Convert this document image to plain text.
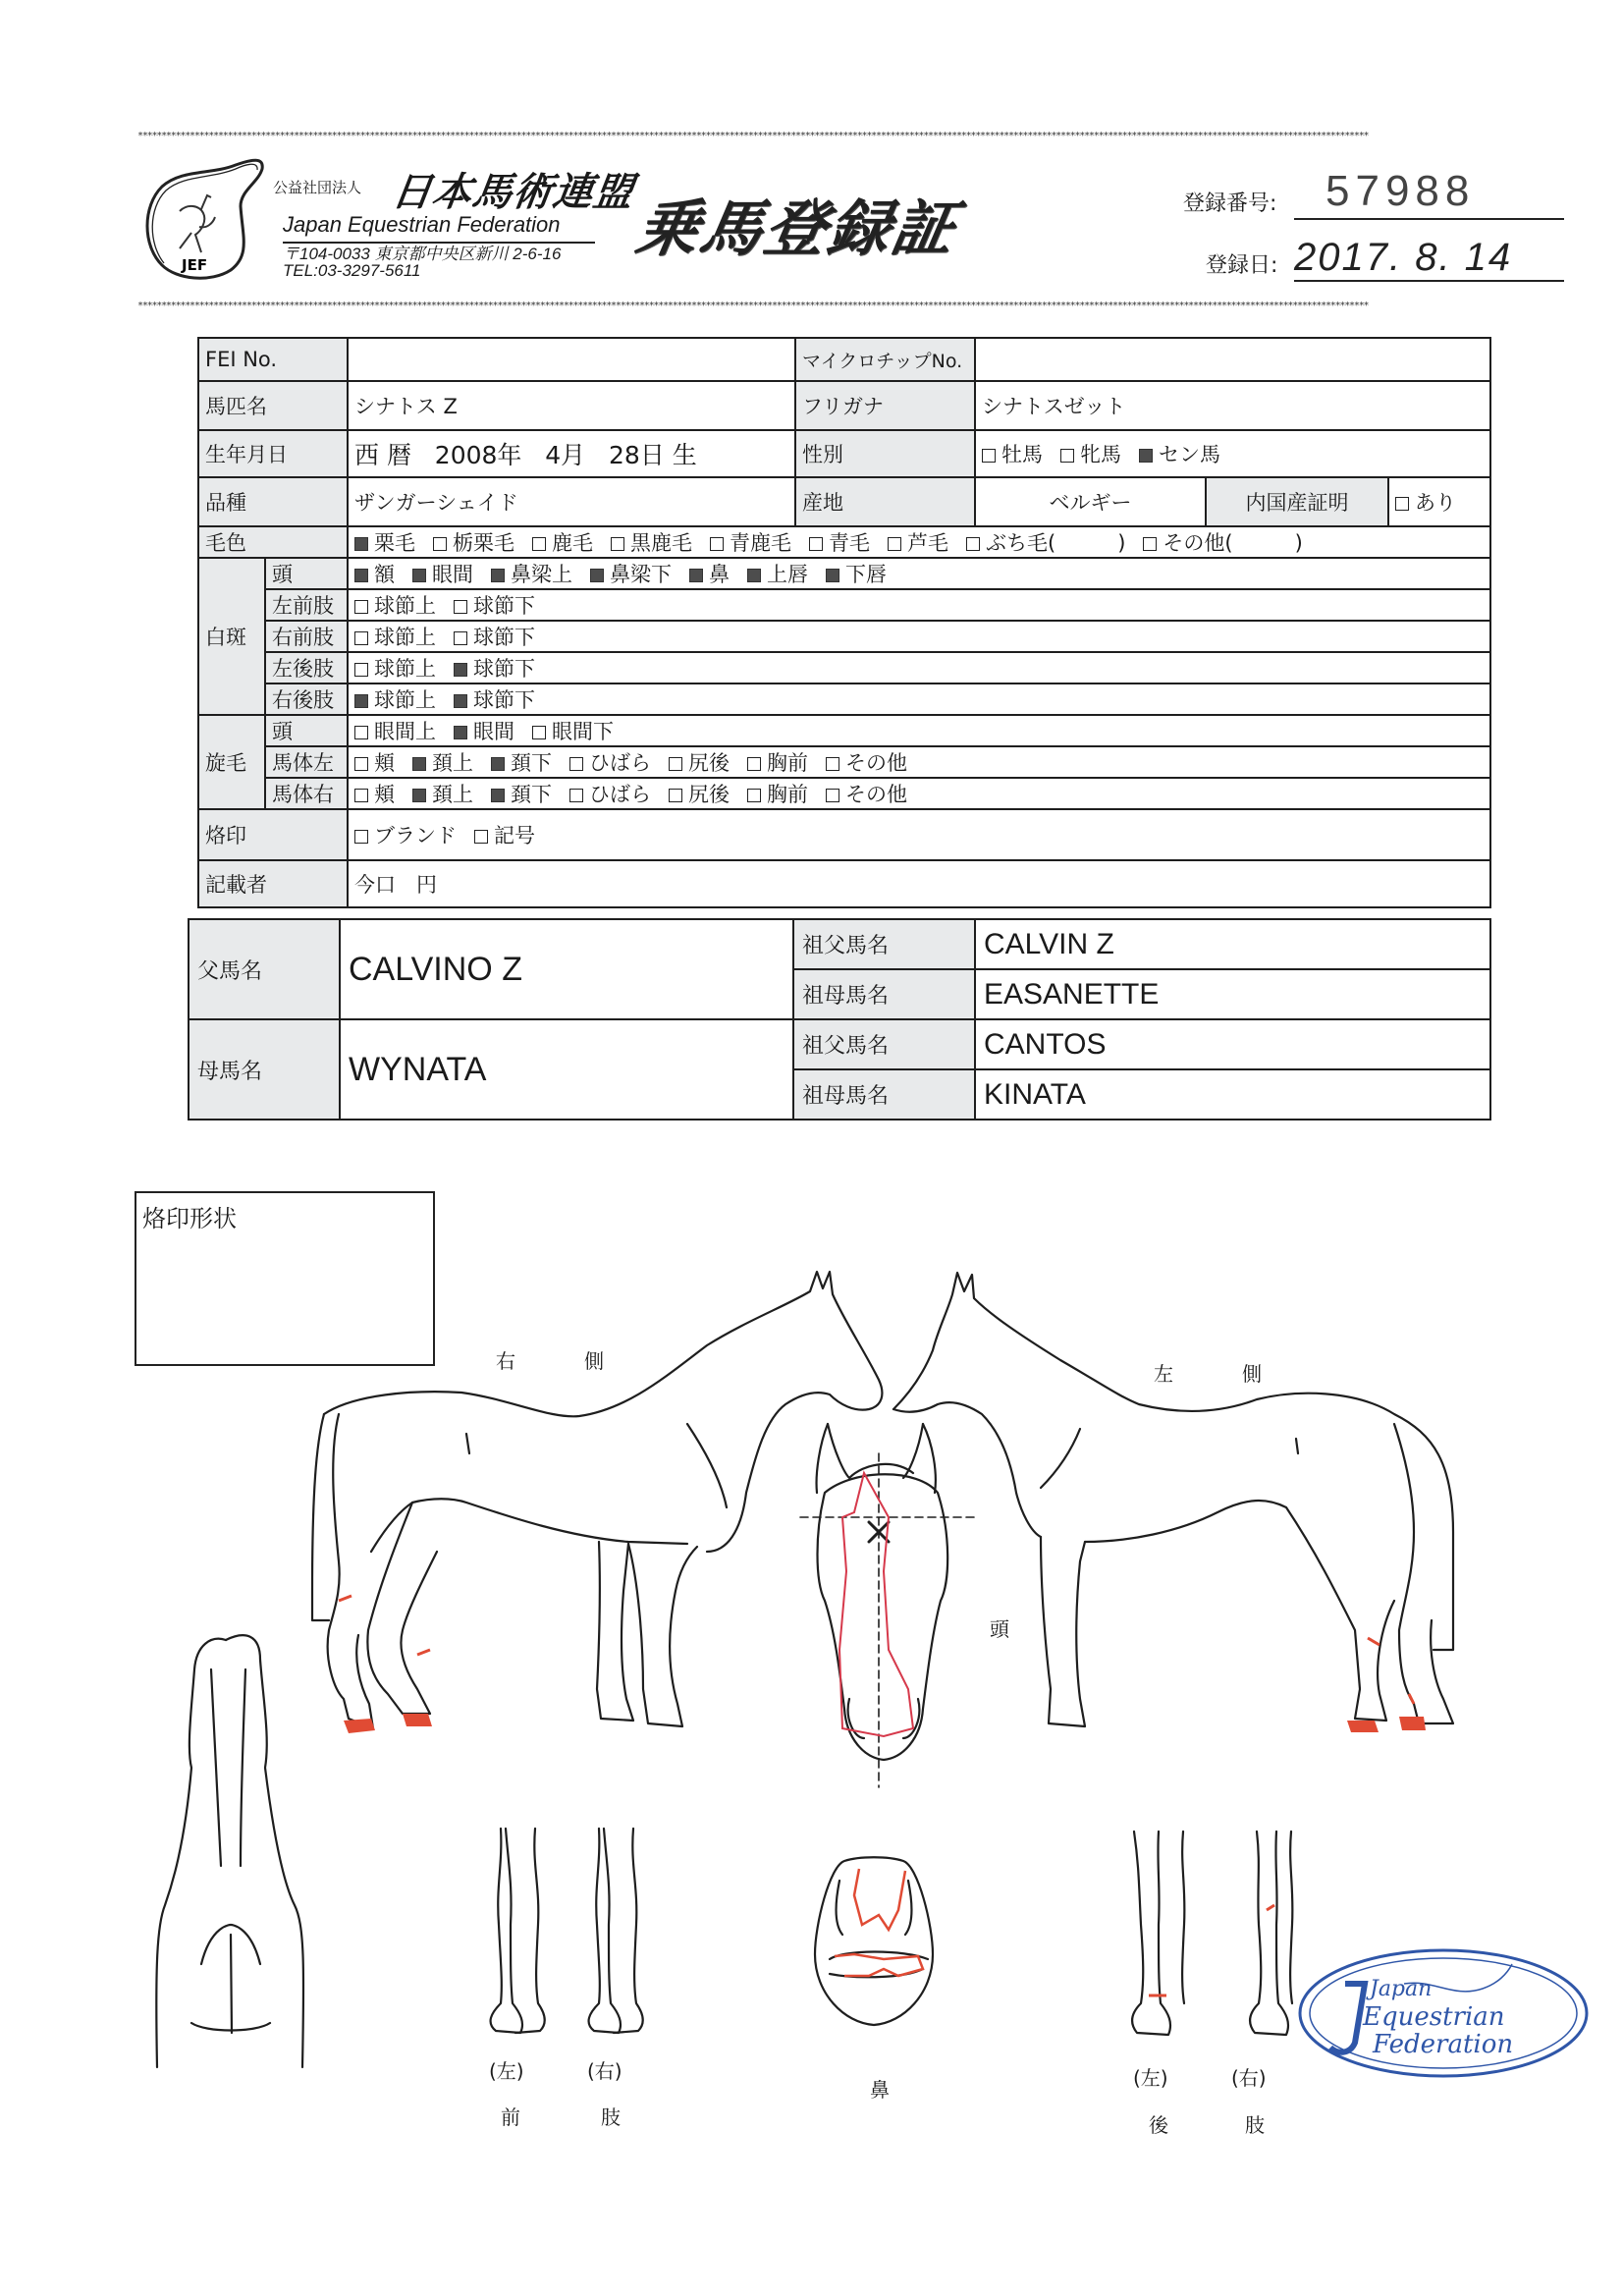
********************************************************************************************************************************************************************************************************************************************************************
JEF
公益社団法人 日本馬術連盟
Japan Equestrian Federation
〒104-0033 東京都中央区新川 2-6-16
TEL:03-3297-5611
乗馬登録証	登録番号: 57988
登録日: 2017. 8. 14
********************************************************************************************************************************************************************************************************************************************************************
FEI No.			マイクロチップNo.			
馬匹名		シナトス Z	フリガナ	シナトスゼット		
生年月日		西 暦 2008年 4月 28日 生	性別	牡馬 牝馬 セン馬		
品種		ザンガーシェイド	産地	ベルギー	内国産証明	あり
毛色		栗毛 栃栗毛 鹿毛 黒鹿毛 青鹿毛 青毛 芦毛 ぶち毛(　　　) その他(　　　)				
白斑	頭	額 眼間 鼻梁上 鼻梁下 鼻 上唇 下唇				
	左前肢	球節上 球節下				
	右前肢	球節上 球節下				
	左後肢	球節上 球節下				
	右後肢	球節上 球節下				
旋毛	頭	眼間上 眼間 眼間下				
	馬体左	頬 頚上 頚下 ひばら 尻後 胸前 その他				
	馬体右	頬 頚上 頚下 ひばら 尻後 胸前 その他				
烙印		ブランド 記号				
記載者		今口　円				
父馬名	CALVINO Z	祖父馬名	CALVIN Z
		祖母馬名	EASANETTE
母馬名	WYNATA	祖父馬名	CANTOS
		祖母馬名	KINATA
烙印形状
右	側
左	側
頭
(左)	(右)
前	肢
鼻	(左)	(右)
後	肢
Japan
Equestrian
Federation
